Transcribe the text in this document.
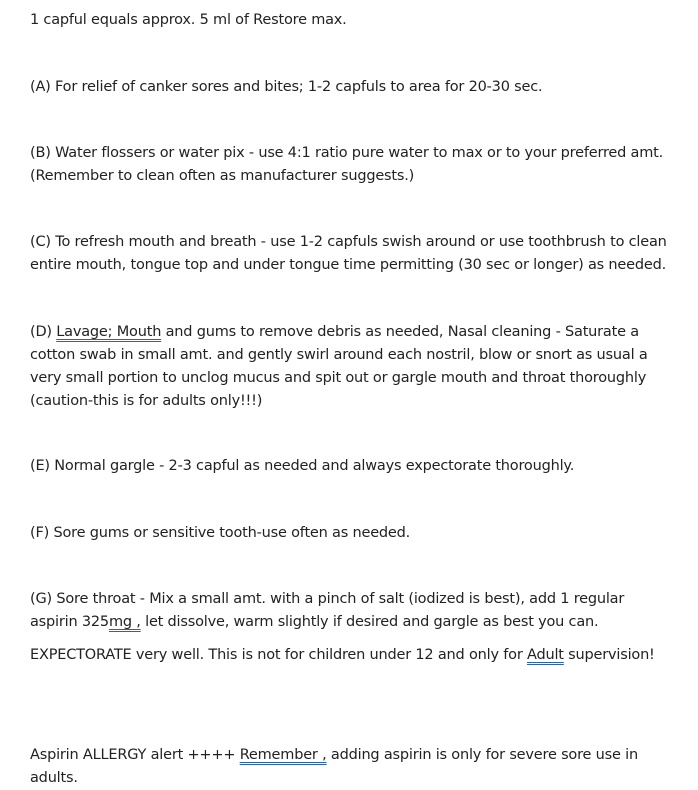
1 capful equals approx. 5 ml of Restore max.

(A) For relief of canker sores and bites; 1-2 capfuls to area for 20-30 sec.

(B) Water flossers or water pix - use 4:1 ratio pure water to max or to your preferred amt. (Remember to clean often as manufacturer suggests.)

(C) To refresh mouth and breath - use 1-2 capfuls swish around or use toothbrush to clean entire mouth, tongue top and under tongue time permitting (30 sec or longer) as needed.

(D) Lavage; Mouth and gums to remove debris as needed, Nasal cleaning - Saturate a cotton swab in small amt. and gently swirl around each nostril, blow or snort as usual a very small portion to unclog mucus and spit out or gargle mouth and throat thoroughly (caution-this is for adults only!!!)

(E) Normal gargle - 2-3 capful as needed and always expectorate thoroughly.

(F) Sore gums or sensitive tooth-use often as needed.

(G) Sore throat - Mix a small amt. with a pinch of salt (iodized is best), add 1 regular aspirin 325mg , let dissolve, warm slightly if desired and gargle as best you can.

EXPECTORATE very well. This is not for children under 12 and only for Adult supervision!

Aspirin ALLERGY alert ++++ Remember , adding aspirin is only for severe sore use in adults.
